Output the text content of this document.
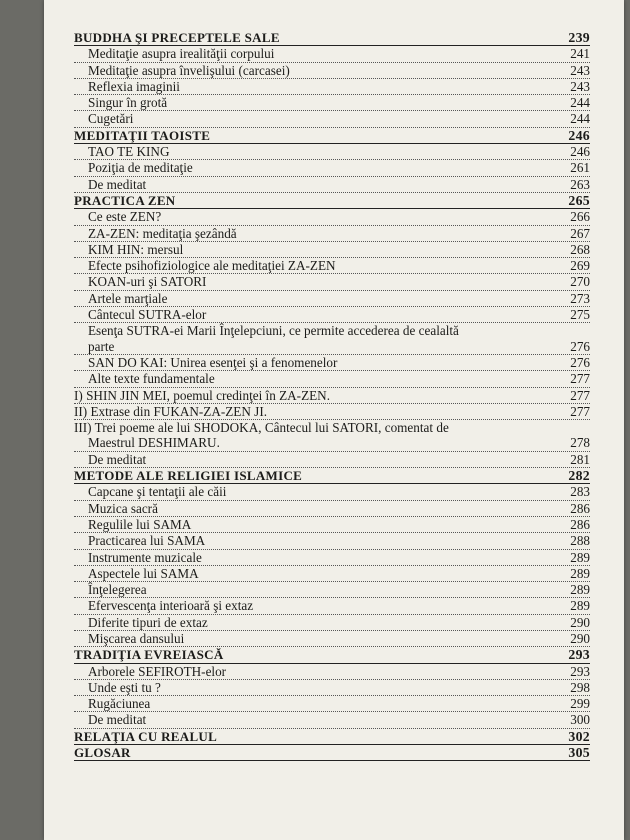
BUDDHA ŞI PRECEPTELE SALE	239
Meditaţie asupra irealităţii corpului	241
Meditaţie asupra învelişului (carcasei)	243
Reflexia imaginii	243
Singur în grotă	244
Cugetări	244
MEDITAŢII TAOISTE	246
TAO TE KING	246
Poziţia de meditaţie	261
De meditat	263
PRACTICA ZEN	265
Ce este ZEN?	266
ZA-ZEN: meditaţia şezândă	267
KIM HIN: mersul	268
Efecte psihofiziologice ale meditaţiei ZA-ZEN	269
KOAN-uri şi SATORI	270
Artele marţiale	273
Cântecul SUTRA-elor	275
Esenţa SUTRA-ei Marii Înţelepciuni, ce permite accederea de cealaltă
parte	276
SAN DO KAI: Unirea esenţei şi a fenomenelor	276
Alte texte fundamentale	277
I) SHIN JIN MEI, poemul credinţei în ZA-ZEN.	277
II) Extrase din FUKAN-ZA-ZEN JI.	277
III) Trei poeme ale lui SHODOKA, Cântecul lui SATORI, comentat de
Maestrul DESHIMARU.	278
De meditat	281
METODE ALE RELIGIEI ISLAMICE	282
Capcane şi tentaţii ale căii	283
Muzica sacră	286
Regulile lui SAMA	286
Practicarea lui SAMA	288
Instrumente muzicale	289
Aspectele lui SAMA	289
Înţelegerea	289
Efervescenţa interioară şi extaz	289
Diferite tipuri de extaz	290
Mişcarea dansului	290
TRADIŢIA EVREIASCĂ	293
Arborele SEFIROTH-elor	293
Unde eşti tu ?	298
Rugăciunea	299
De meditat	300
RELAŢIA CU REALUL	302
GLOSAR	305
